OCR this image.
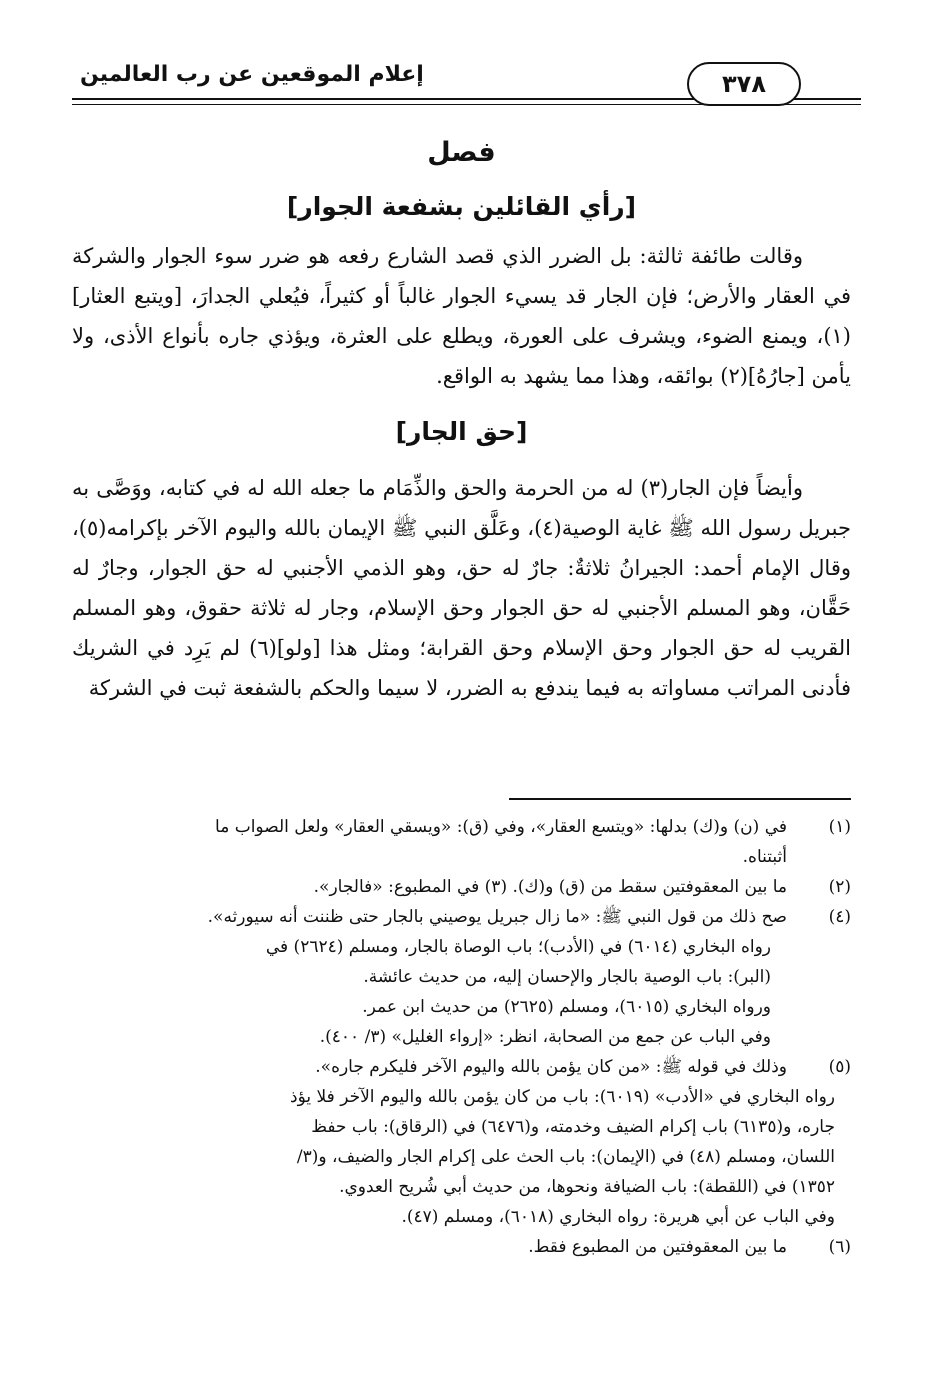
إعلام الموقعين عن رب العالمين	٣٧٨
فصل
[رأي القائلين بشفعة الجوار]

وقالت طائفة ثالثة: بل الضرر الذي قصد الشارع رفعه هو ضرر سوء الجوار والشركة في العقار والأرض؛ فإن الجار قد يسيء الجوار غالباً أو كثيراً، فيُعلي الجدارَ، [ويتبع العثار](١)، ويمنع الضوء، ويشرف على العورة، ويطلع على العثرة، ويؤذي جاره بأنواع الأذى، ولا يأمن [جارُهُ](٢) بوائقه، وهذا مما يشهد به الواقع.

[حق الجار]

وأيضاً فإن الجار(٣) له من الحرمة والحق والذِّمَام ما جعله الله له في كتابه، ووَصَّى به جبريل رسول الله ﷺ غاية الوصية(٤)، وعَلَّق النبي ﷺ الإيمان بالله واليوم الآخر بإكرامه(٥)، وقال الإمام أحمد: الجيرانُ ثلاثةٌ: جارٌ له حق، وهو الذمي الأجنبي له حق الجوار، وجارٌ له حَقَّان، وهو المسلم الأجنبي له حق الجوار وحق الإسلام، وجار له ثلاثة حقوق، وهو المسلم القريب له حق الجوار وحق الإسلام وحق القرابة؛ ومثل هذا [ولو](٦) لم يَرِد في الشريك فأدنى المراتب مساواته به فيما يندفع به الضرر، لا سيما والحكم بالشفعة ثبت في الشركة

(١)
في (ن) و(ك) بدلها: «ويتسع العقار»، وفي (ق): «ويسقي العقار» ولعل الصواب ما
أثبتناه.
(٢)
ما بين المعقوفتين سقط من (ق) و(ك). (٣) في المطبوع: «فالجار».
(٤)
صح ذلك من قول النبي ﷺ: «ما زال جبريل يوصيني بالجار حتى ظننت أنه سيورثه».
رواه البخاري (٦٠١٤) في (الأدب)؛ باب الوصاة بالجار، ومسلم (٢٦٢٤) في
(البر): باب الوصية بالجار والإحسان إليه، من حديث عائشة.
ورواه البخاري (٦٠١٥)، ومسلم (٢٦٢٥) من حديث ابن عمر.
وفي الباب عن جمع من الصحابة، انظر: «إرواء الغليل» (٣/ ٤٠٠).
(٥)
وذلك في قوله ﷺ: «من كان يؤمن بالله واليوم الآخر فليكرم جاره».
رواه البخاري في «الأدب» (٦٠١٩): باب من كان يؤمن بالله واليوم الآخر فلا يؤذ
جاره، و(٦١٣٥) باب إكرام الضيف وخدمته، و(٦٤٧٦) في (الرقاق): باب حفظ
اللسان، ومسلم (٤٨) في (الإيمان): باب الحث على إكرام الجار والضيف، و(٣/
١٣٥٢) في (اللقطة): باب الضيافة ونحوها، من حديث أبي شُريح العدوي.
وفي الباب عن أبي هريرة: رواه البخاري (٦٠١٨)، ومسلم (٤٧).
(٦)
ما بين المعقوفتين من المطبوع فقط.
